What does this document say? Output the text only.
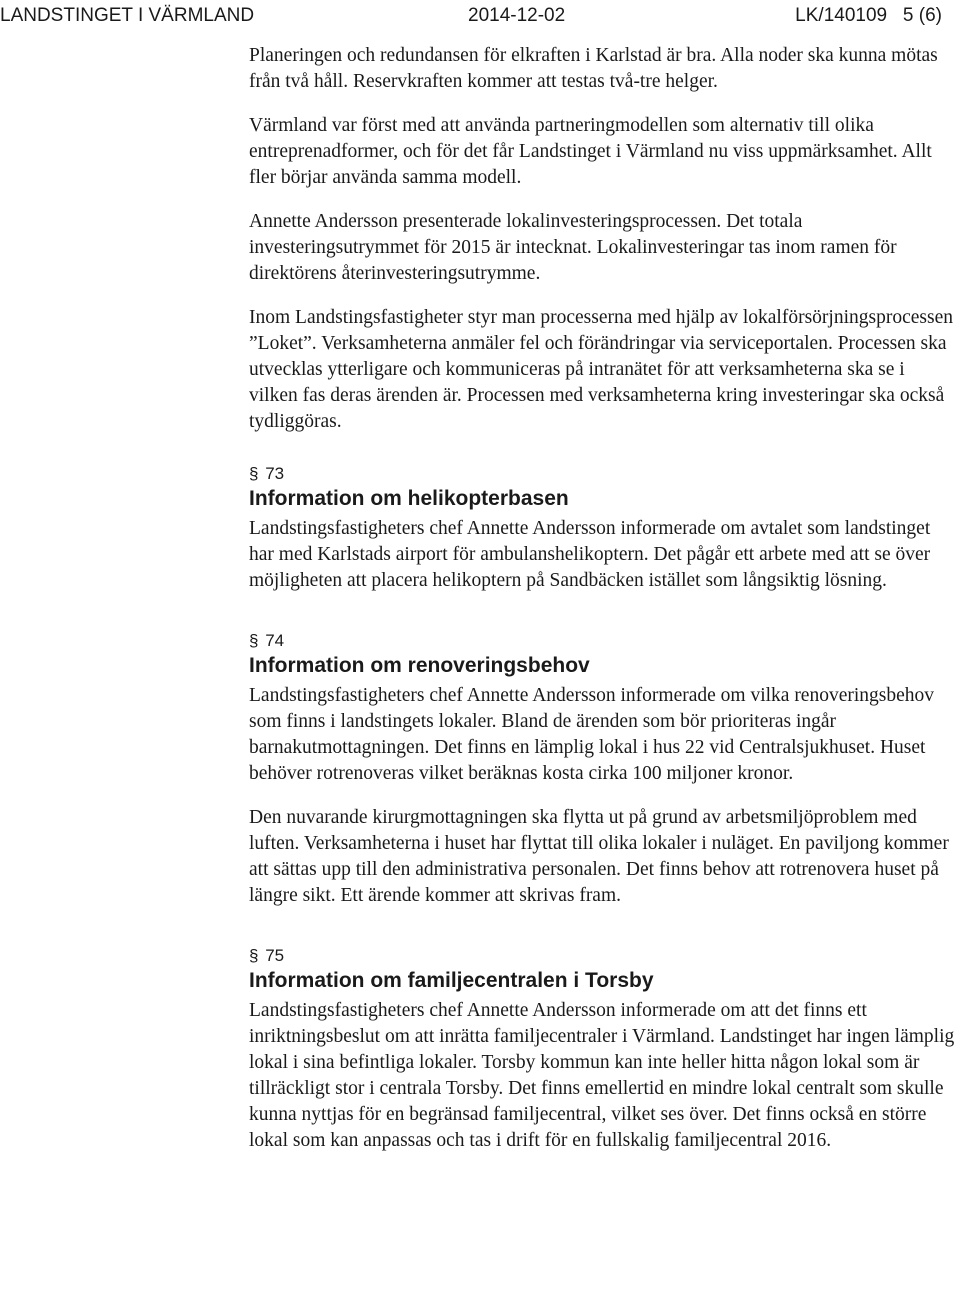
LANDSTINGET I VÄRMLAND	2014-12-02	LK/140109   5 (6)

Planeringen och redundansen för elkraften i Karlstad är bra. Alla noder ska kunna mötas från två håll. Reservkraften kommer att testas två-tre helger.

Värmland var först med att använda partneringmodellen som alternativ till olika entreprenadformer, och för det får Landstinget i Värmland nu viss uppmärksamhet. Allt fler börjar använda samma modell.

Annette Andersson presenterade lokalinvesteringsprocessen. Det totala investeringsutrymmet för 2015 är intecknat. Lokalinvesteringar tas inom ramen för direktörens återinvesteringsutrymme.

Inom Landstingsfastigheter styr man processerna med hjälp av lokalförsörjningsprocessen ”Loket”. Verksamheterna anmäler fel och förändringar via serviceportalen. Processen ska utvecklas ytterligare och kommuniceras på intranätet för att verksamheterna ska se i vilken fas deras ärenden är. Processen med verksamheterna kring investeringar ska också tydliggöras.

§ 73
Information om helikopterbasen

Landstingsfastigheters chef Annette Andersson informerade om avtalet som landstinget har med Karlstads airport för ambulanshelikoptern. Det pågår ett arbete med att se över möjligheten att placera helikoptern på Sandbäcken istället som långsiktig lösning.

§ 74
Information om renoveringsbehov

Landstingsfastigheters chef Annette Andersson informerade om vilka renoveringsbehov som finns i landstingets lokaler. Bland de ärenden som bör prioriteras ingår barnakutmottagningen. Det finns en lämplig lokal i hus 22 vid Centralsjukhuset. Huset behöver rotrenoveras vilket beräknas kosta cirka 100 miljoner kronor.

Den nuvarande kirurgmottagningen ska flytta ut på grund av arbetsmiljöproblem med luften. Verksamheterna i huset har flyttat till olika lokaler i nuläget. En paviljong kommer att sättas upp till den administrativa personalen. Det finns behov att rotrenovera huset på längre sikt. Ett ärende kommer att skrivas fram.

§ 75
Information om familjecentralen i Torsby

Landstingsfastigheters chef Annette Andersson informerade om att det finns ett inriktningsbeslut om att inrätta familjecentraler i Värmland. Landstinget har ingen lämplig lokal i sina befintliga lokaler. Torsby kommun kan inte heller hitta någon lokal som är tillräckligt stor i centrala Torsby. Det finns emellertid en mindre lokal centralt som skulle kunna nyttjas för en begränsad familjecentral, vilket ses över. Det finns också en större lokal som kan anpassas och tas i drift för en fullskalig familjecentral 2016.
